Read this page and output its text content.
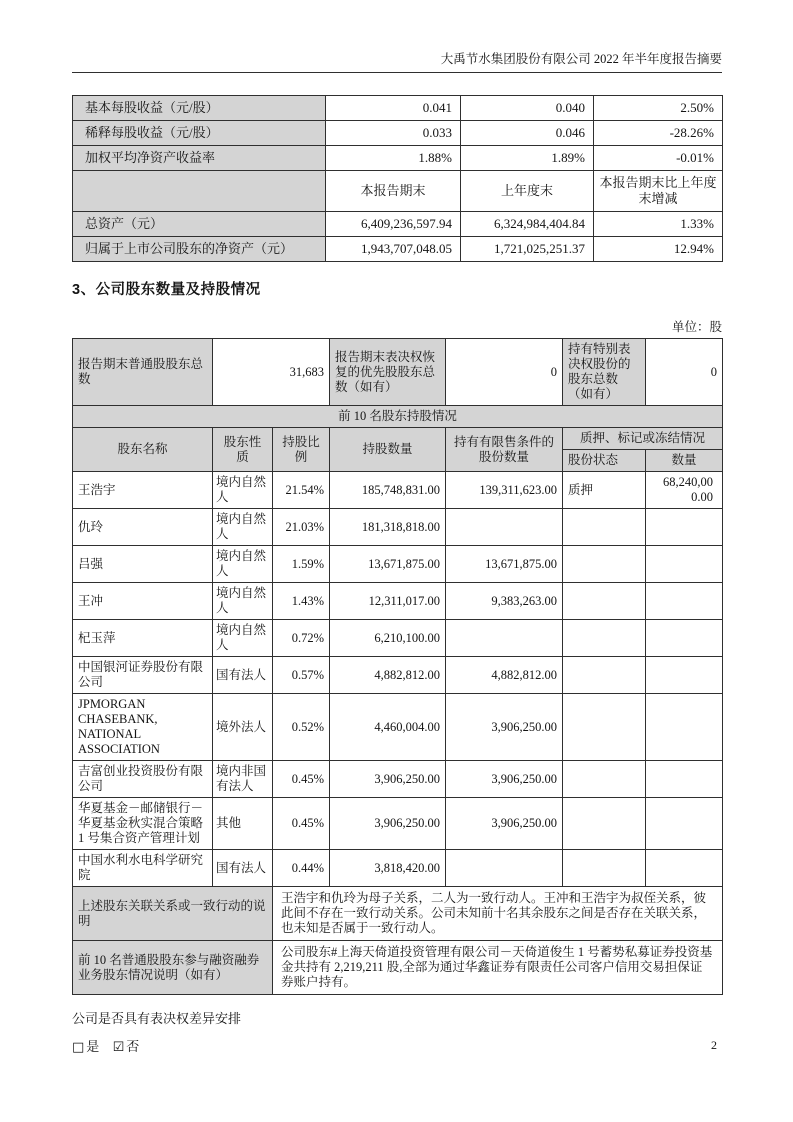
大禹节水集团股份有限公司 2022 年半年度报告摘要
基本每股收益（元/股）	0.041	0.040	2.50%
稀释每股收益（元/股）	0.033	0.046	-28.26%
加权平均净资产收益率	1.88%	1.89%	-0.01%
	本报告期末	上年度末	本报告期末比上年度末增减
总资产（元）	6,409,236,597.94	6,324,984,404.84	1.33%
归属于上市公司股东的净资产（元）	1,943,707,048.05	1,721,025,251.37	12.94%
3、公司股东数量及持股情况
单位：股
报告期末普通股股东总数	31,683		报告期末表决权恢复的优先股股东总数（如有）	0	持有特别表决权股份的股东总数（如有）	0
前 10 名股东持股情况						
股东名称	股东性质	持股比例	持股数量	持有有限售条件的股份数量	质押、标记或冻结情况	
					股份状态	数量
王浩宇	境内自然人	21.54%	185,748,831.00	139,311,623.00	质押	68,240,000.00
仇玲	境内自然人	21.03%	181,318,818.00			
吕强	境内自然人	1.59%	13,671,875.00	13,671,875.00		
王冲	境内自然人	1.43%	12,311,017.00	9,383,263.00		
杞玉萍	境内自然人	0.72%	6,210,100.00			
中国银河证券股份有限公司	国有法人	0.57%	4,882,812.00	4,882,812.00		
JPMORGAN CHASEBANK, NATIONAL ASSOCIATION	境外法人	0.52%	4,460,004.00	3,906,250.00		
吉富创业投资股份有限公司	境内非国有法人	0.45%	3,906,250.00	3,906,250.00		
华夏基金－邮储银行－华夏基金秋实混合策略 1 号集合资产管理计划	其他	0.45%	3,906,250.00	3,906,250.00		
中国水利水电科学研究院	国有法人	0.44%	3,818,420.00			
上述股东关联关系或一致行动的说明		王浩宇和仇玲为母子关系，二人为一致行动人。王冲和王浩宇为叔侄关系，彼此间不存在一致行动关系。公司未知前十名其余股东之间是否存在关联关系，也未知是否属于一致行动人。				
前 10 名普通股股东参与融资融券业务股东情况说明（如有）		公司股东#上海天倚道投资管理有限公司－天倚道俊生 1 号蓄势私募证券投资基金共持有 2,219,211 股,全部为通过华鑫证券有限责任公司客户信用交易担保证券账户持有。				
公司是否具有表决权差异安排
□ 是 ☑ 否	2
